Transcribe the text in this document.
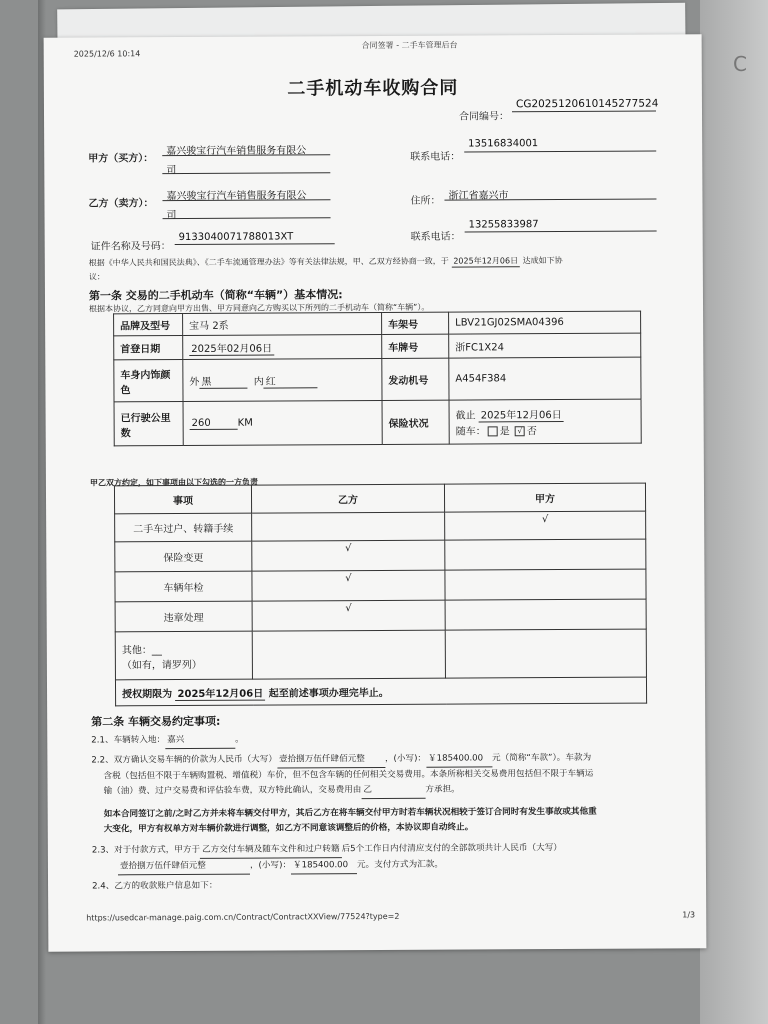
C
2025/12/6 10:14
合同签署 - 二手车管理后台
二手机动车收购合同
合同编号：
CG20251206101452775​24
甲方（买方）：
嘉兴骏宝行汽车销售服务有限公
司
联系电话：
13516834001
乙方（卖方）：
嘉兴骏宝行汽车销售服务有限公
司
住所： 浙江省嘉兴市
证件名称及号码：
913304007178801​3XT	联系电话：
13255833987
根据《中华人民共和国民法典》、《二手车流通管理办法》等有关法律法规，甲、乙双方经协商一致，于 2025年12月06日 达成如下协
议：
第一条 交易的二手机动车（简称“车辆”）基本情况:
根据本协议，乙方同意向甲方出售、甲方同意向乙方购买以下所列的二手机动车（简称“车辆”）。
品牌及型号	宝马 2系	车架号	LBV21GJ02SMA04396
首登日期	2025年02月06日	车牌号	浙FC1X24
车身内饰颜
色	外 黑 内 红	发动机号	A454F384
已行驶公里
数	260 KM	保险状况	截止 2025年12月06日
随车： 是 √ 否
甲乙双方约定，如下事项由以下勾选的一方负责
事项	乙方	甲方
二手车过户、转籍手续		√
保险变更	√	
车辆年检	√	
违章处理	√	
其他：__
（如有，请罗列）		
授权期限为 2025年12月06日 起至前述事项办理完毕止。		
第二条 车辆交易约定事项:
2.1、车辆转入地： 嘉兴	。
2.2、双方确认交易车辆的价款为人民币（大写） 壹拾捌万伍仟肆佰元整 ，(小写)： ￥185400.00 元（简称“车款”）。车款为
含税（包括但不限于车辆购置税、增值税）车价，但不包含车辆的任何相关交易费用。本条所称相关交易费用包括但不限于车辆运
输（油）费、过户交易费和评估验车费，双方特此确认，交易费用由 乙	方承担。
如本合同签订之前/之时乙方并未将车辆交付甲方，其后乙方在将车辆交付甲方时若车辆状况相较于签订合同时有发生事故或其他重
大变化，甲方有权单方对车辆价款进行调整，如乙方不同意该调整后的价格，本协议即自动终止。
2.3、对于付款方式，甲方于 乙方交付车辆及随车文件和过户转籍 后5个工作日内付清应支付的全部款项共计人民币（大写）
壹拾捌万伍仟肆佰元整	，(小写)： ￥185400.00 元。支付方式为汇款。
2.4、乙方的收款账户信息如下：
https://usedcar-manage.paig.com.cn/Contract/ContractXXView/77524?type=2	1/3
